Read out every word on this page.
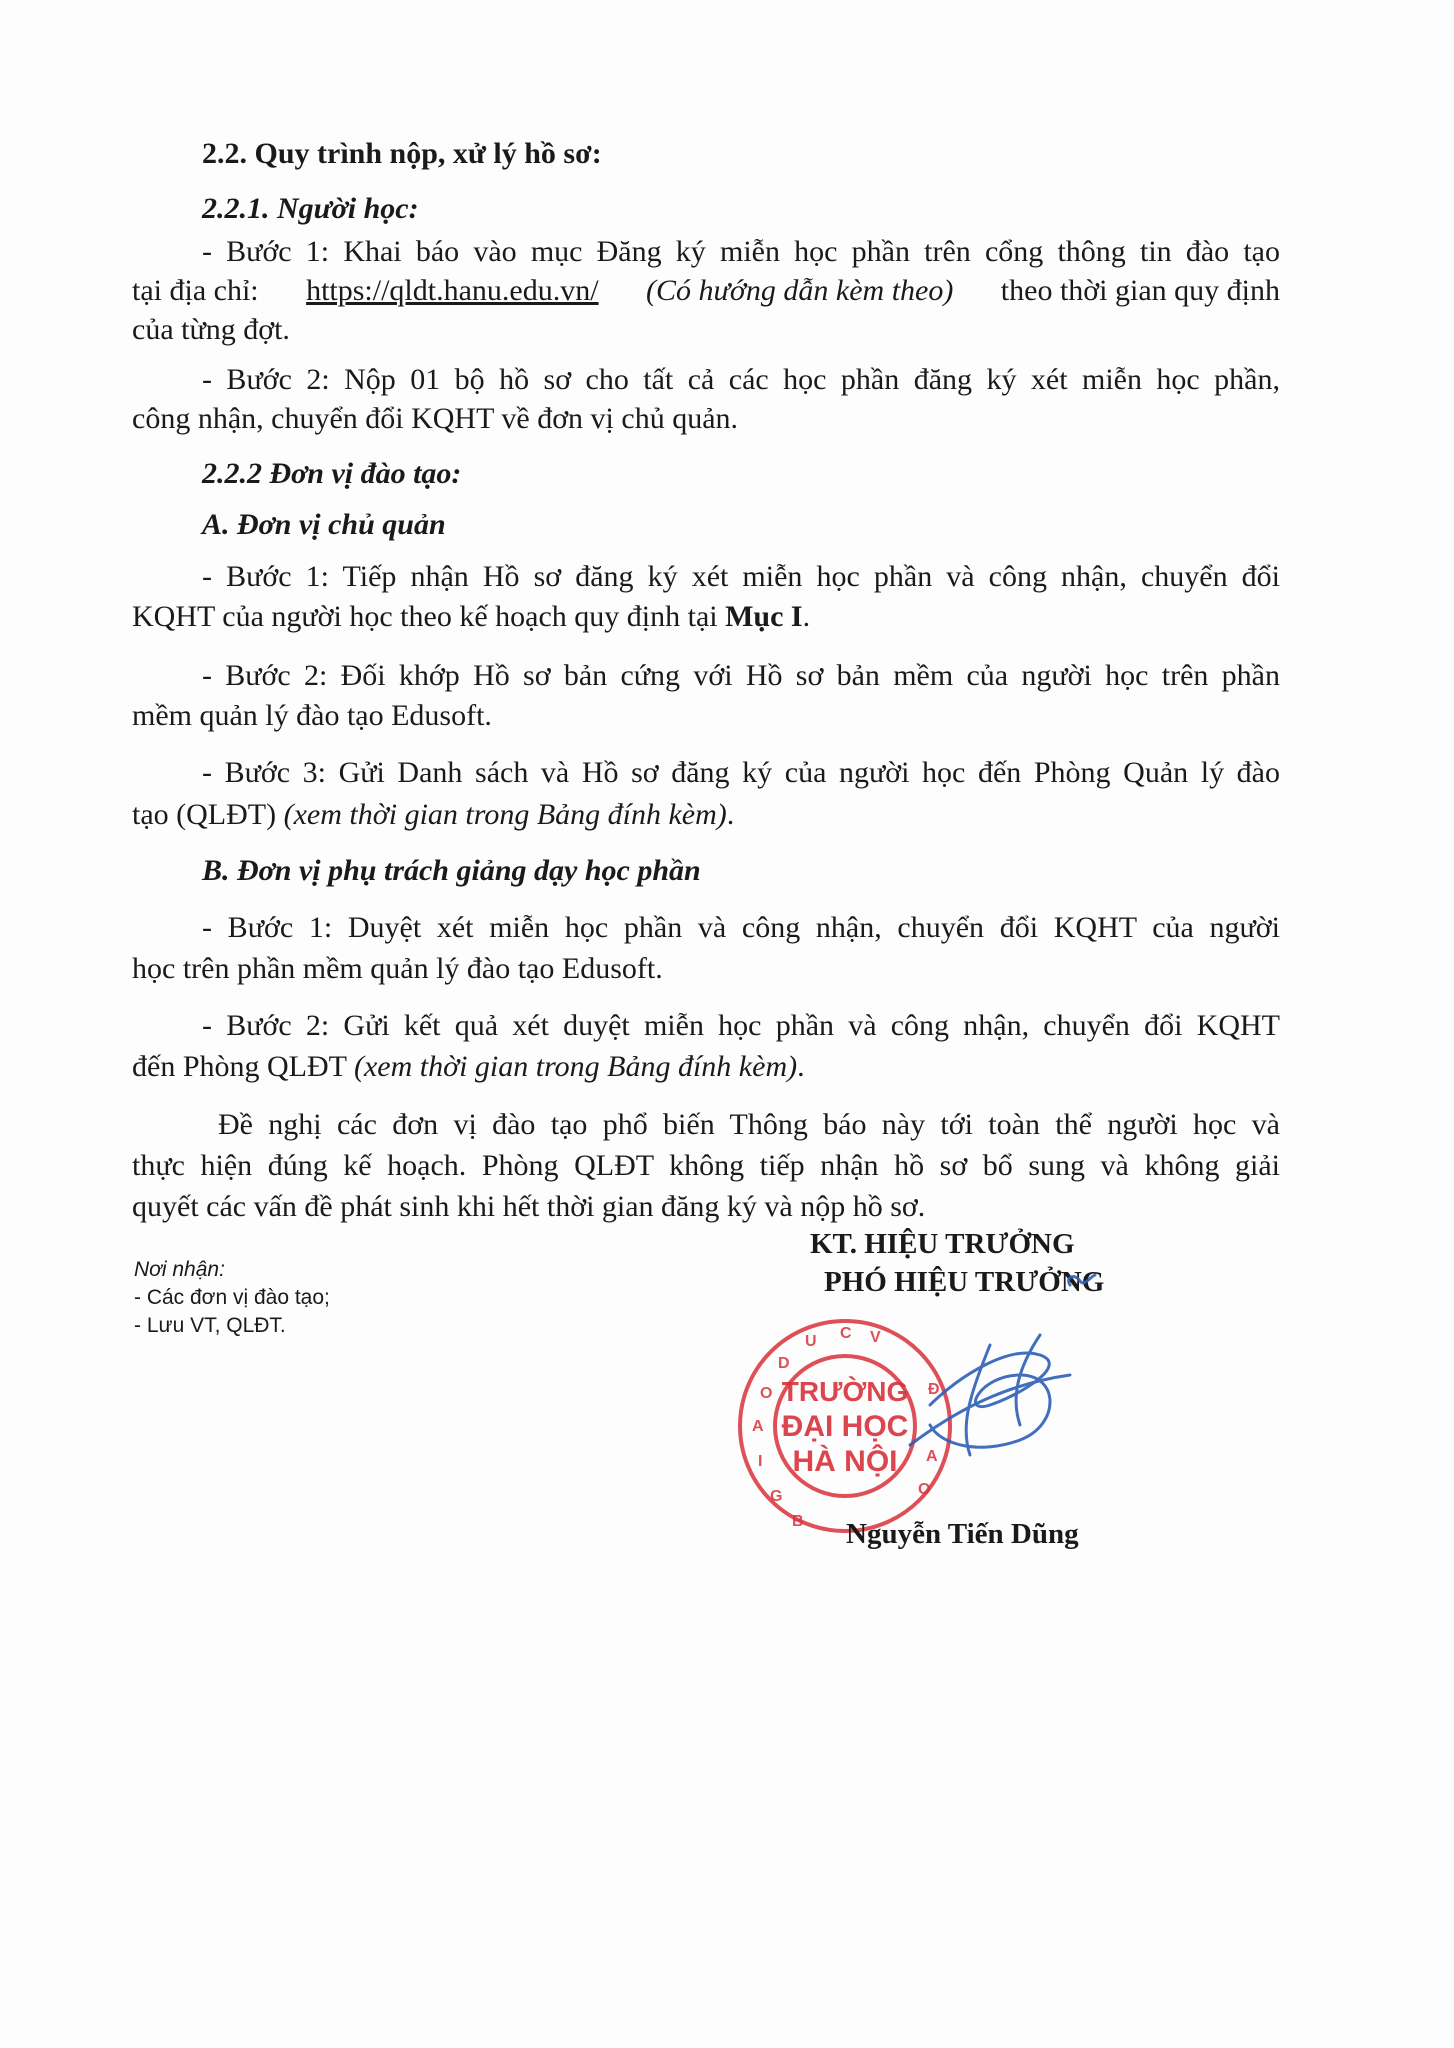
2.2. Quy trình nộp, xử lý hồ sơ:
2.2.1. Người học:
- Bước 1: Khai báo vào mục Đăng ký miễn học phần trên cổng thông tin đào tạo
tại địa chỉ: https://qldt.hanu.edu.vn/ (Có hướng dẫn kèm theo) theo thời gian quy định
của từng đợt.
- Bước 2: Nộp 01 bộ hồ sơ cho tất cả các học phần đăng ký xét miễn học phần,
công nhận, chuyển đổi KQHT về đơn vị chủ quản.
2.2.2 Đơn vị đào tạo:
A. Đơn vị chủ quản
- Bước 1: Tiếp nhận Hồ sơ đăng ký xét miễn học phần và công nhận, chuyển đổi
KQHT của người học theo kế hoạch quy định tại Mục I.
- Bước 2: Đối khớp Hồ sơ bản cứng với Hồ sơ bản mềm của người học trên phần
mềm quản lý đào tạo Edusoft.
- Bước 3: Gửi Danh sách và Hồ sơ đăng ký của người học đến Phòng Quản lý đào
tạo (QLĐT) (xem thời gian trong Bảng đính kèm).
B. Đơn vị phụ trách giảng dạy học phần
- Bước 1: Duyệt xét miễn học phần và công nhận, chuyển đổi KQHT của người
học trên phần mềm quản lý đào tạo Edusoft.
- Bước 2: Gửi kết quả xét duyệt miễn học phần và công nhận, chuyển đổi KQHT
đến Phòng QLĐT (xem thời gian trong Bảng đính kèm).
Đề nghị các đơn vị đào tạo phổ biến Thông báo này tới toàn thể người học và
thực hiện đúng kế hoạch. Phòng QLĐT không tiếp nhận hồ sơ bổ sung và không giải
quyết các vấn đề phát sinh khi hết thời gian đăng ký và nộp hồ sơ.
Nơi nhận:
- Các đơn vị đào tạo;
- Lưu VT, QLĐT.
KT. HIỆU TRƯỞNG
PHÓ HIỆU TRƯỞNG
TRƯỜNG
ĐẠI HỌC
HÀ NỘI
C V
U
D
O
A
I
G
B
O
A
Đ
Nguyễn Tiến Dũng
